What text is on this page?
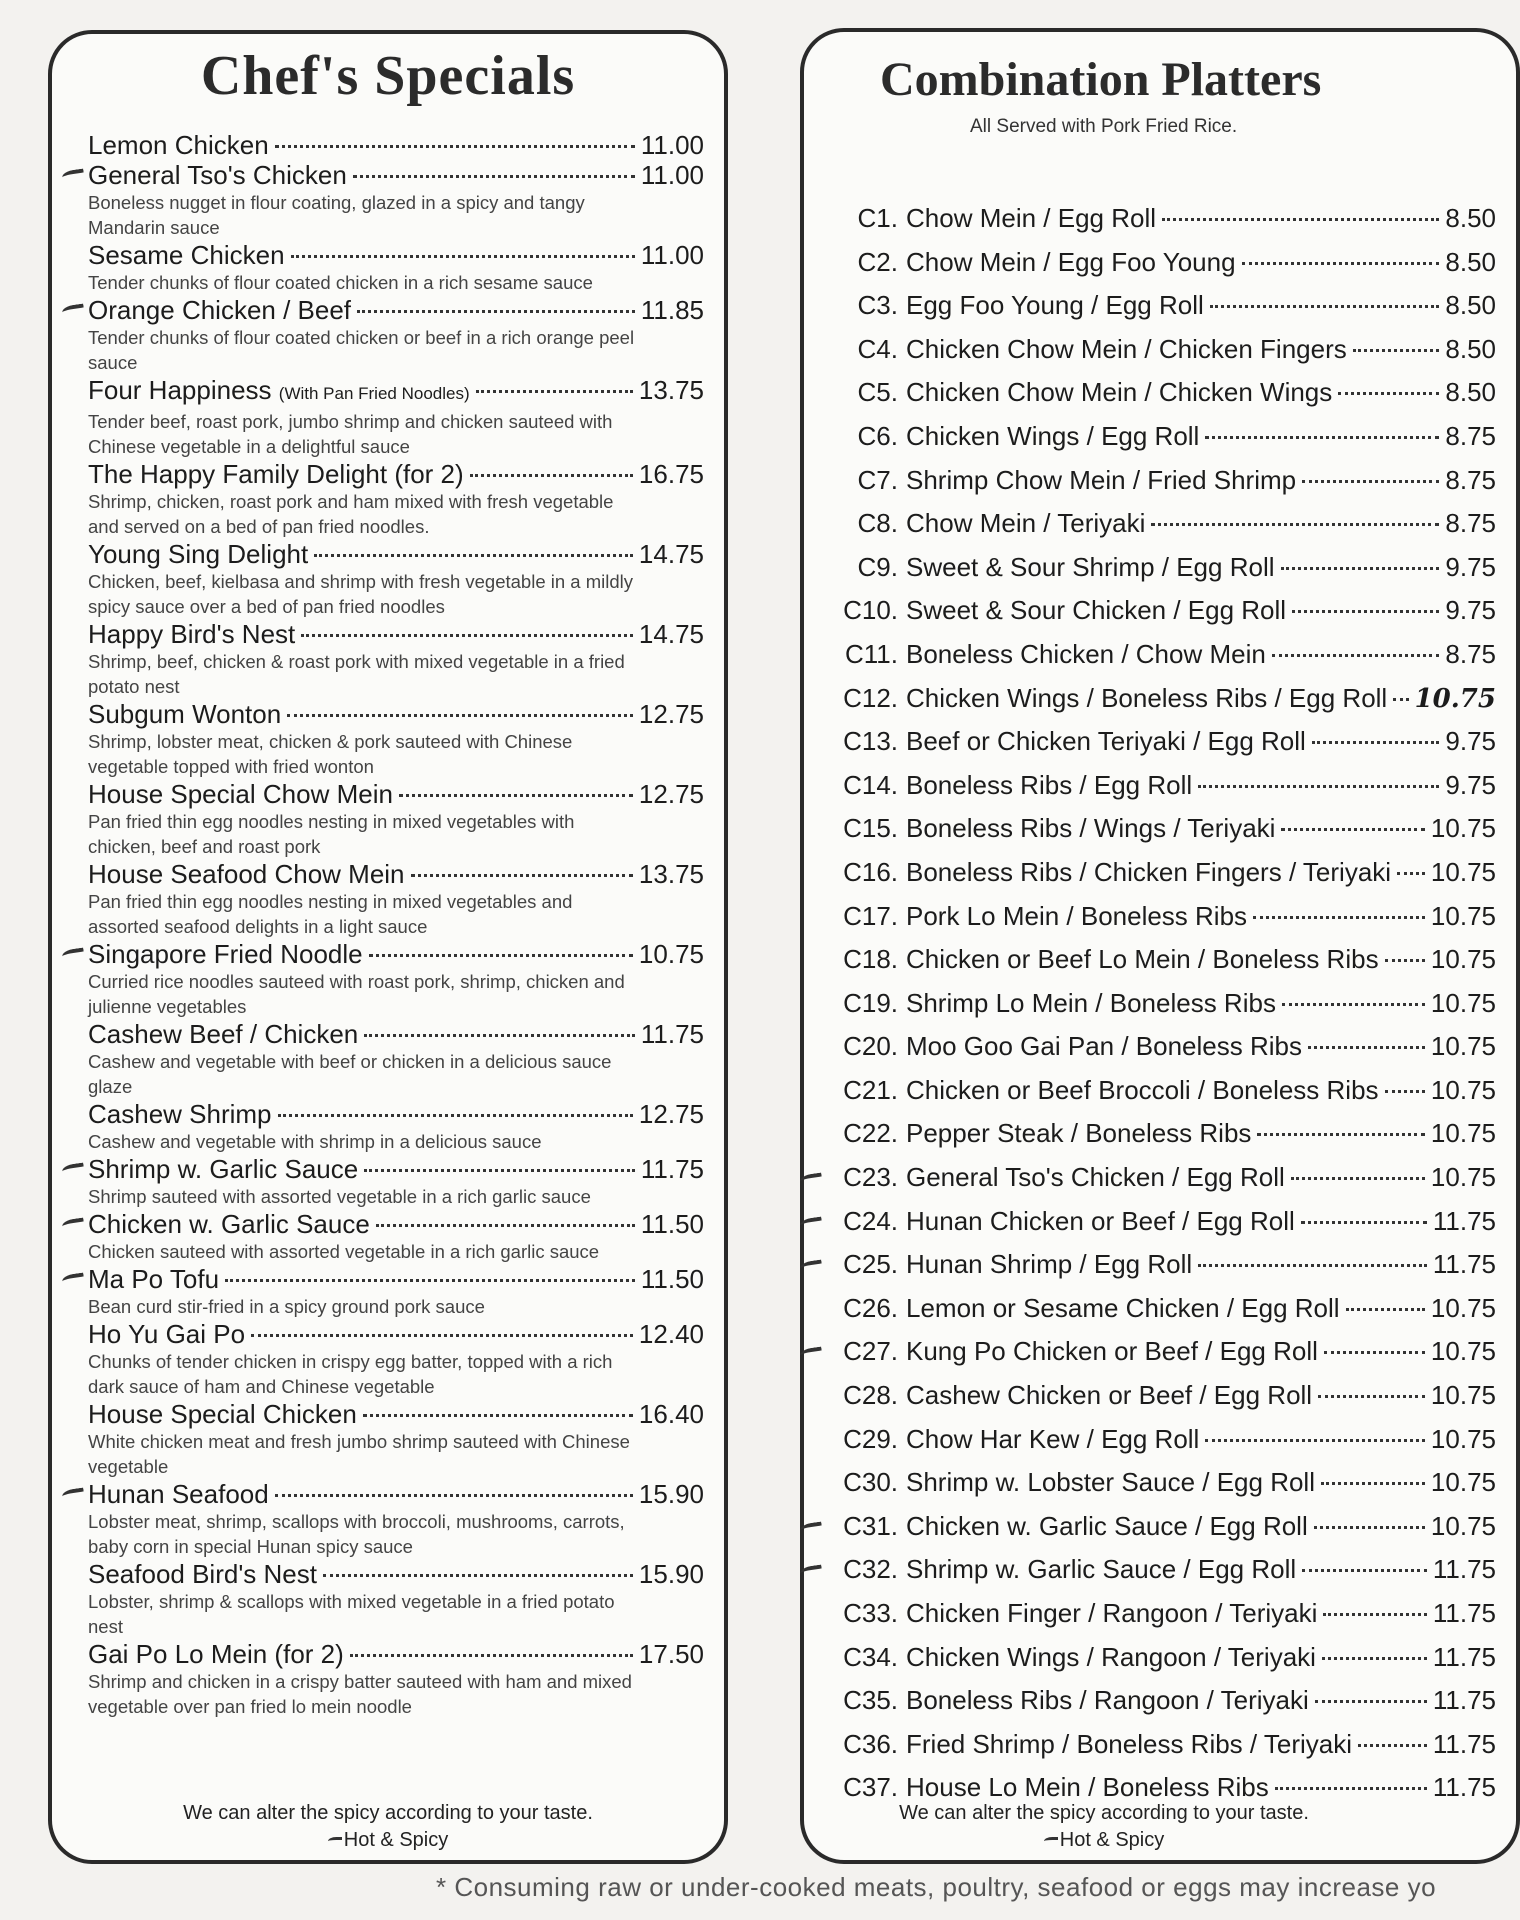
Chef's Specials
Lemon Chicken	11.00
General Tso's Chicken	11.00
Boneless nugget in flour coating, glazed in a spicy and tangy Mandarin sauce
Sesame Chicken	11.00
Tender chunks of flour coated chicken in a rich sesame sauce
Orange Chicken / Beef	11.85
Tender chunks of flour coated chicken or beef in a rich orange peel sauce
Four Happiness (With Pan Fried Noodles)	13.75
Tender beef, roast pork, jumbo shrimp and chicken sauteed with Chinese vegetable in a delightful sauce
The Happy Family Delight (for 2)	16.75
Shrimp, chicken, roast pork and ham mixed with fresh vegetable and served on a bed of pan fried noodles.
Young Sing Delight	14.75
Chicken, beef, kielbasa and shrimp with fresh vegetable in a mildly spicy sauce over a bed of pan fried noodles
Happy Bird's Nest	14.75
Shrimp, beef, chicken & roast pork with mixed vegetable in a fried potato nest
Subgum Wonton	12.75
Shrimp, lobster meat, chicken & pork sauteed with Chinese vegetable topped with fried wonton
House Special Chow Mein	12.75
Pan fried thin egg noodles nesting in mixed vegetables with chicken, beef and roast pork
House Seafood Chow Mein	13.75
Pan fried thin egg noodles nesting in mixed vegetables and assorted seafood delights in a light sauce
Singapore Fried Noodle	10.75
Curried rice noodles sauteed with roast pork, shrimp, chicken and julienne vegetables
Cashew Beef / Chicken	11.75
Cashew and vegetable with beef or chicken in a delicious sauce glaze
Cashew Shrimp	12.75
Cashew and vegetable with shrimp in a delicious sauce
Shrimp w. Garlic Sauce	11.75
Shrimp sauteed with assorted vegetable in a rich garlic sauce
Chicken w. Garlic Sauce	11.50
Chicken sauteed with assorted vegetable in a rich garlic sauce
Ma Po Tofu	11.50
Bean curd stir-fried in a spicy ground pork sauce
Ho Yu Gai Po	12.40
Chunks of tender chicken in crispy egg batter, topped with a rich dark sauce of ham and Chinese vegetable
House Special Chicken	16.40
White chicken meat and fresh jumbo shrimp sauteed with Chinese vegetable
Hunan Seafood	15.90
Lobster meat, shrimp, scallops with broccoli, mushrooms, carrots, baby corn in special Hunan spicy sauce
Seafood Bird's Nest	15.90
Lobster, shrimp & scallops with mixed vegetable in a fried potato nest
Gai Po Lo Mein (for 2)	17.50
Shrimp and chicken in a crispy batter sauteed with ham and mixed vegetable over pan fried lo mein noodle
We can alter the spicy according to your taste.
Hot & Spicy
Combination Platters
All Served with Pork Fried Rice.
C1. Chow Mein / Egg Roll	8.50
C2. Chow Mein / Egg Foo Young	8.50
C3. Egg Foo Young / Egg Roll	8.50
C4. Chicken Chow Mein / Chicken Fingers	8.50
C5. Chicken Chow Mein / Chicken Wings	8.50
C6. Chicken Wings / Egg Roll	8.75
C7. Shrimp Chow Mein / Fried Shrimp	8.75
C8. Chow Mein / Teriyaki	8.75
C9. Sweet & Sour Shrimp / Egg Roll	9.75
C10. Sweet & Sour Chicken / Egg Roll	9.75
C11. Boneless Chicken / Chow Mein	8.75
C12. Chicken Wings / Boneless Ribs / Egg Roll 10.75
C13. Beef or Chicken Teriyaki / Egg Roll	9.75
C14. Boneless Ribs / Egg Roll	9.75
C15. Boneless Ribs / Wings / Teriyaki	10.75
C16. Boneless Ribs / Chicken Fingers / Teriyaki 10.75
C17. Pork Lo Mein / Boneless Ribs	10.75
C18. Chicken or Beef Lo Mein / Boneless Ribs 10.75
C19. Shrimp Lo Mein / Boneless Ribs	10.75
C20. Moo Goo Gai Pan / Boneless Ribs	10.75
C21. Chicken or Beef Broccoli / Boneless Ribs 10.75
C22. Pepper Steak / Boneless Ribs	10.75
C23. General Tso's Chicken / Egg Roll	10.75
C24. Hunan Chicken or Beef / Egg Roll	11.75
C25. Hunan Shrimp / Egg Roll	11.75
C26. Lemon or Sesame Chicken / Egg Roll	10.75
C27. Kung Po Chicken or Beef / Egg Roll	10.75
C28. Cashew Chicken or Beef / Egg Roll	10.75
C29. Chow Har Kew / Egg Roll	10.75
C30. Shrimp w. Lobster Sauce / Egg Roll	10.75
C31. Chicken w. Garlic Sauce / Egg Roll	10.75
C32. Shrimp w. Garlic Sauce / Egg Roll	11.75
C33. Chicken Finger / Rangoon / Teriyaki	11.75
C34. Chicken Wings / Rangoon / Teriyaki	11.75
C35. Boneless Ribs / Rangoon / Teriyaki	11.75
C36. Fried Shrimp / Boneless Ribs / Teriyaki	11.75
C37. House Lo Mein / Boneless Ribs	11.75
We can alter the spicy according to your taste.
Hot & Spicy
* Consuming raw or under-cooked meats, poultry, seafood or eggs may increase yo
